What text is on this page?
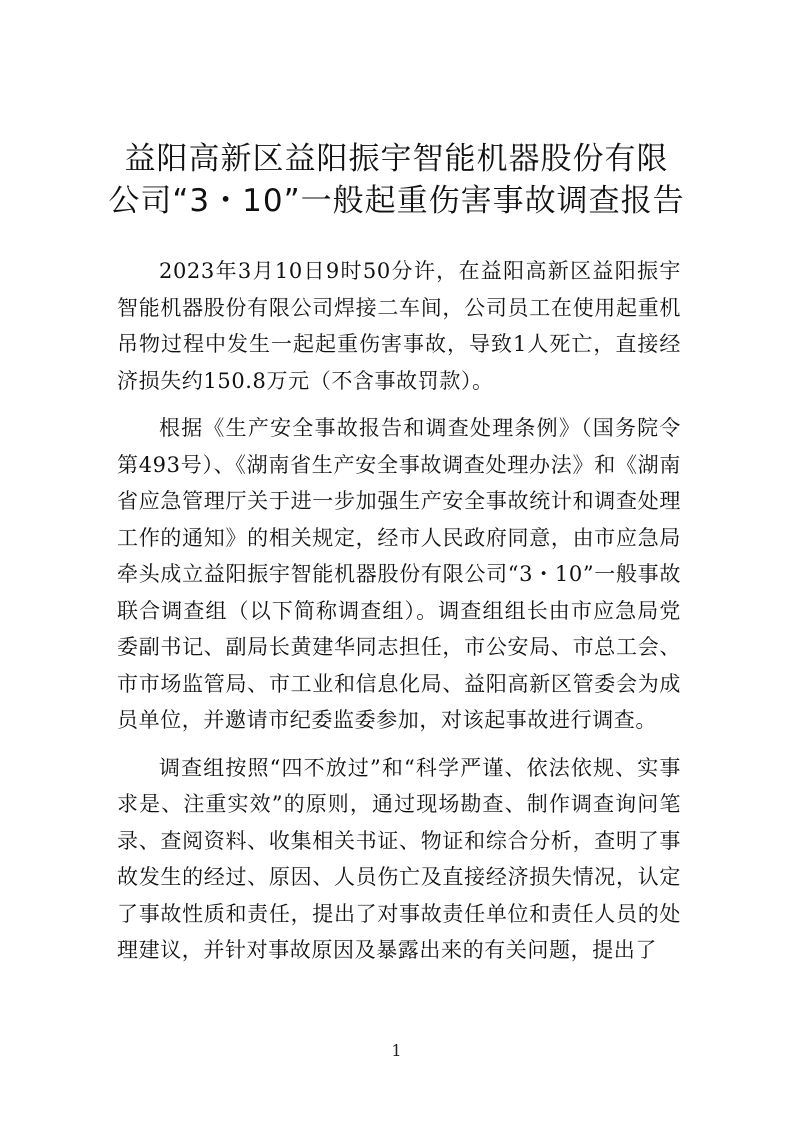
益阳高新区益阳振宇智能机器股份有限
公司“3・10”一般起重伤害事故调查报告

2023年3月10日9时50分许，在益阳高新区益阳振宇智能机器股份有限公司焊接二车间，公司员工在使用起重机吊物过程中发生一起起重伤害事故，导致1人死亡，直接经济损失约150.8万元（不含事故罚款）。

根据《生产安全事故报告和调查处理条例》（国务院令第493号）、《湖南省生产安全事故调查处理办法》和《湖南省应急管理厅关于进一步加强生产安全事故统计和调查处理工作的通知》的相关规定，经市人民政府同意，由市应急局牵头成立益阳振宇智能机器股份有限公司“3・10”一般事故联合调查组（以下简称调查组）。调查组组长由市应急局党委副书记、副局长黄建华同志担任，市公安局、市总工会、市市场监管局、市工业和信息化局、益阳高新区管委会为成员单位，并邀请市纪委监委参加，对该起事故进行调查。

调查组按照“四不放过”和“科学严谨、依法依规、实事求是、注重实效”的原则，通过现场勘查、制作调查询问笔录、查阅资料、收集相关书证、物证和综合分析，查明了事故发生的经过、原因、人员伤亡及直接经济损失情况，认定了事故性质和责任，提出了对事故责任单位和责任人员的处理建议，并针对事故原因及暴露出来的有关问题，提出了

1
